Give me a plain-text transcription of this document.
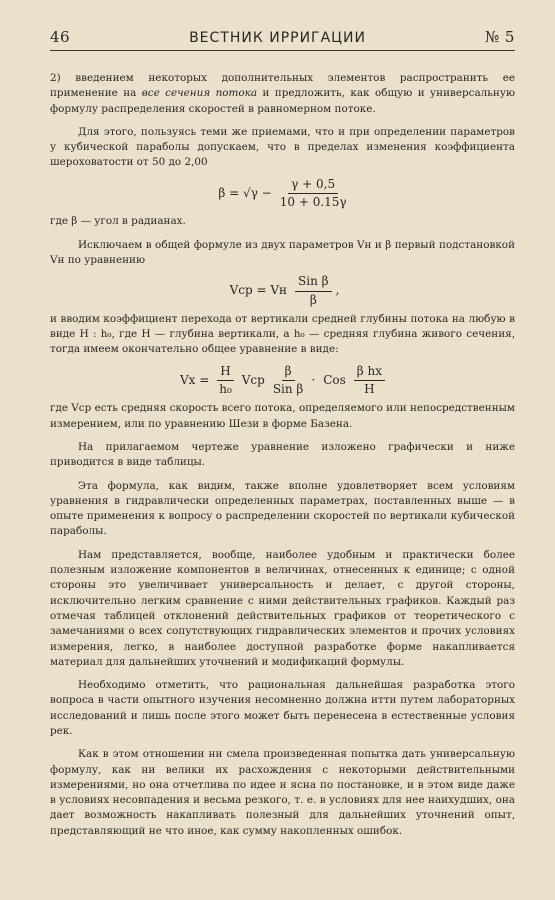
46	ВЕСТНИК ИРРИГАЦИИ	№ 5

2) введением некоторых дополнительных элементов распространить ее применение на все сечения потока и предложить, как общую и универсальную формулу распределения скоростей в равномерном потоке.

Для этого, пользуясь теми же приемами, что и при определении параметров у кубической параболы допускаем, что в пределах изменения коэффициента шероховатости от 50 до 2,00

$\beta = √\gamma - \frac{\gamma + 0,5}{10 + 0.15\gamma}$

где β — угол в радианах.

Исключаем в общей формуле из двух параметров Vн и β первый подстановкой Vн по уравнению

Vср = Vн $\frac{\text{Sin β}}{\beta}$ ,

и вводим коэффициент перехода от вертикали средней глубины потока на любую в виде H : h₀, где H — глубина вертикали, а h₀ — средняя глубина живого сечения, тогда имеем окончательно общее уравнение в виде:

$Vx = \frac{H}{\text{h₀}}$ Vср $\frac{\beta}{\text{Sin β}}$ · Cos $\frac{\text{β hx}}{H}$

где Vср есть средняя скорость всего потока, определяемого или непосредственным измерением, или по уравнению Шези в форме Базена.

На прилагаемом чертеже уравнение изложено графически и ниже приводится в виде таблицы.

Эта формула, как видим, также вполне удовлетворяет всем условиям уравнения в гидравлически определенных параметрах, поставленных выше — в опыте применения к вопросу о распределении скоростей по вертикали кубической параболы.

Нам представляется, вообще, наиболее удобным и практически более полезным изложение компонентов в величинах, отнесенных к единице; с одной стороны это увеличивает универсальность и делает, с другой стороны, исключительно легким сравнение с ними действительных графиков. Каждый раз отмечая таблицей отклонений действительных графиков от теоретического с замечаниями о всех сопутствующих гидравлических элементов и прочих условиях измерения, легко, в наиболее доступной разработке форме накапливается материал для дальнейших уточнений и модификаций формулы.

Необходимо отметить, что рациональная дальнейшая разработка этого вопроса в части опытного изучения несомненно должна итти путем лабораторных исследований и лишь после этого может быть перенесена в естественные условия рек.

Как в этом отношении ни смела произведенная попытка дать универсальную формулу, как ни велики их расхождения с некоторыми действительными измерениями, но она отчетлива по идее и ясна по постановке, и в этом виде даже в условиях несовпадения и весьма резкого, т. е. в условиях для нее наихудших, она дает возможность накапливать полезный для дальнейших уточнений опыт, представляющий не что иное, как сумму накопленных ошибок.
